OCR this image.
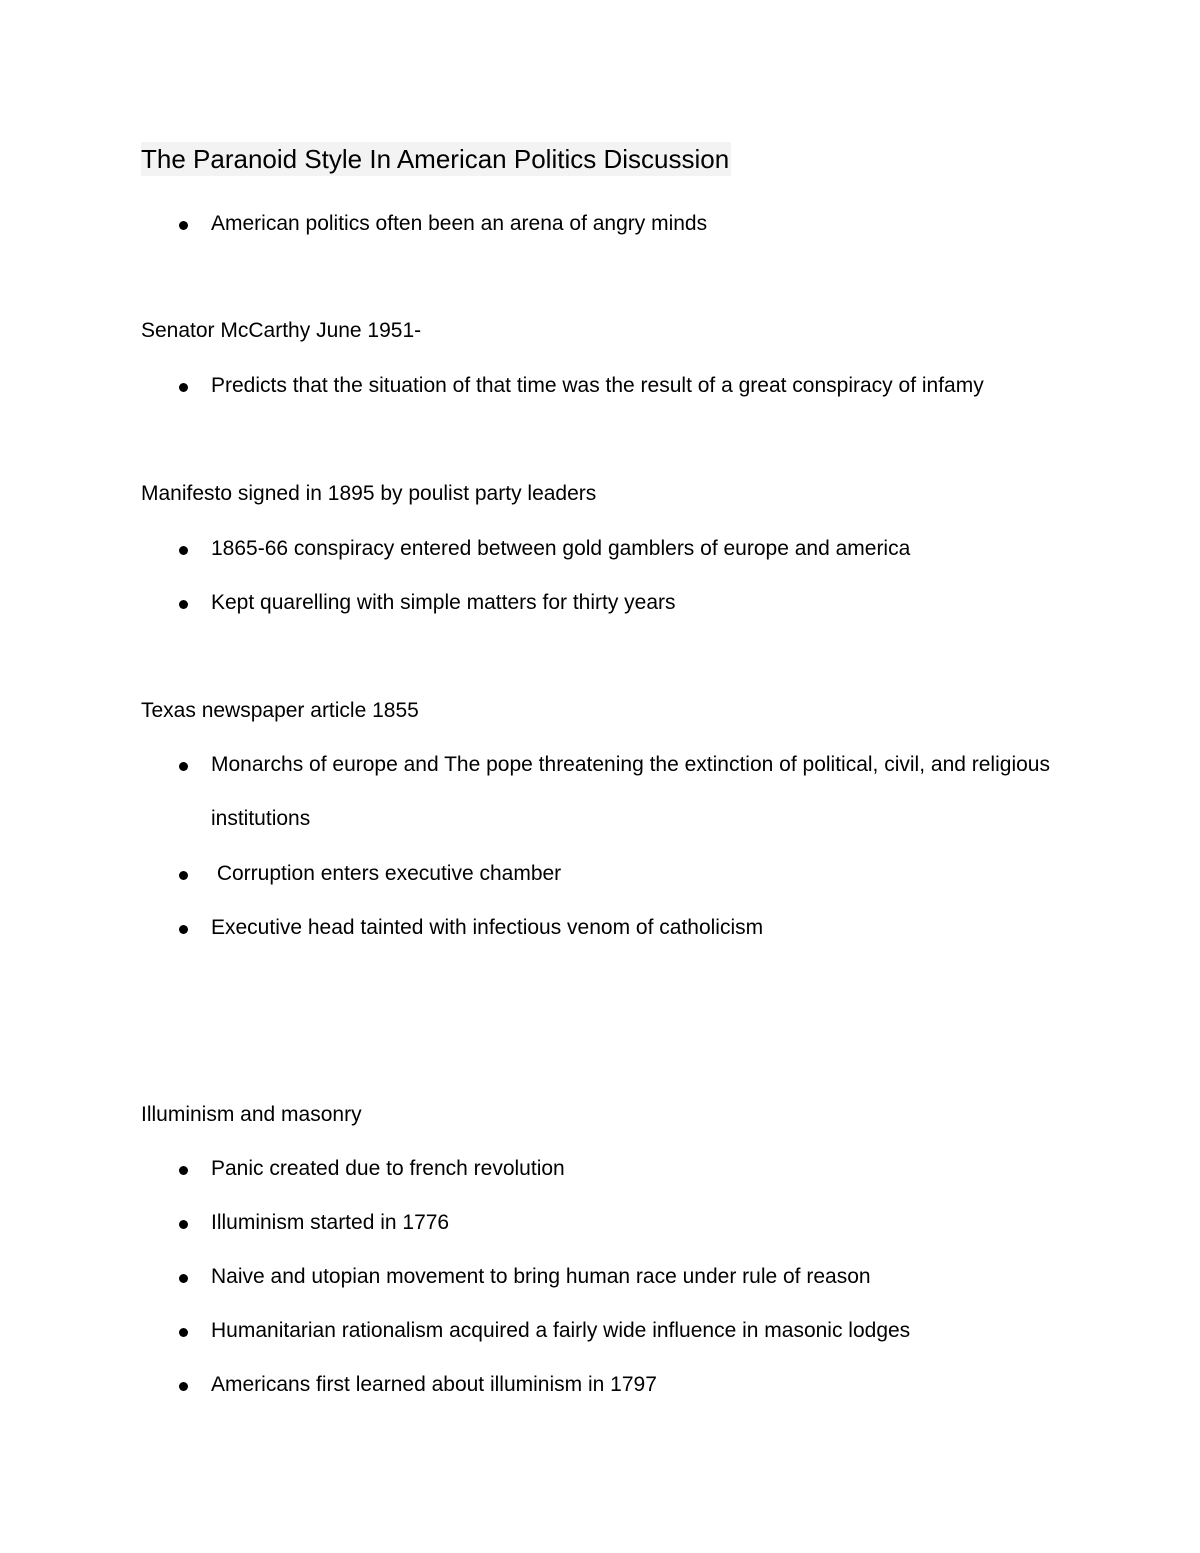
The Paranoid Style In American Politics Discussion
American politics often been an arena of angry minds

Senator McCarthy June 1951-

Predicts that the situation of that time was the result of a great conspiracy of infamy

Manifesto signed in 1895 by poulist party leaders

1865-66 conspiracy entered between gold gamblers of europe and america
Kept quarelling with simple matters for thirty years

Texas newspaper article 1855

Monarchs of europe and The pope threatening the extinction of political, civil, and religious institutions
Corruption enters executive chamber
Executive head tainted with infectious venom of catholicism

Illuminism and masonry

Panic created due to french revolution
Illuminism started in 1776
Naive and utopian movement to bring human race under rule of reason
Humanitarian rationalism acquired a fairly wide influence in masonic lodges
Americans first learned about illuminism in 1797
